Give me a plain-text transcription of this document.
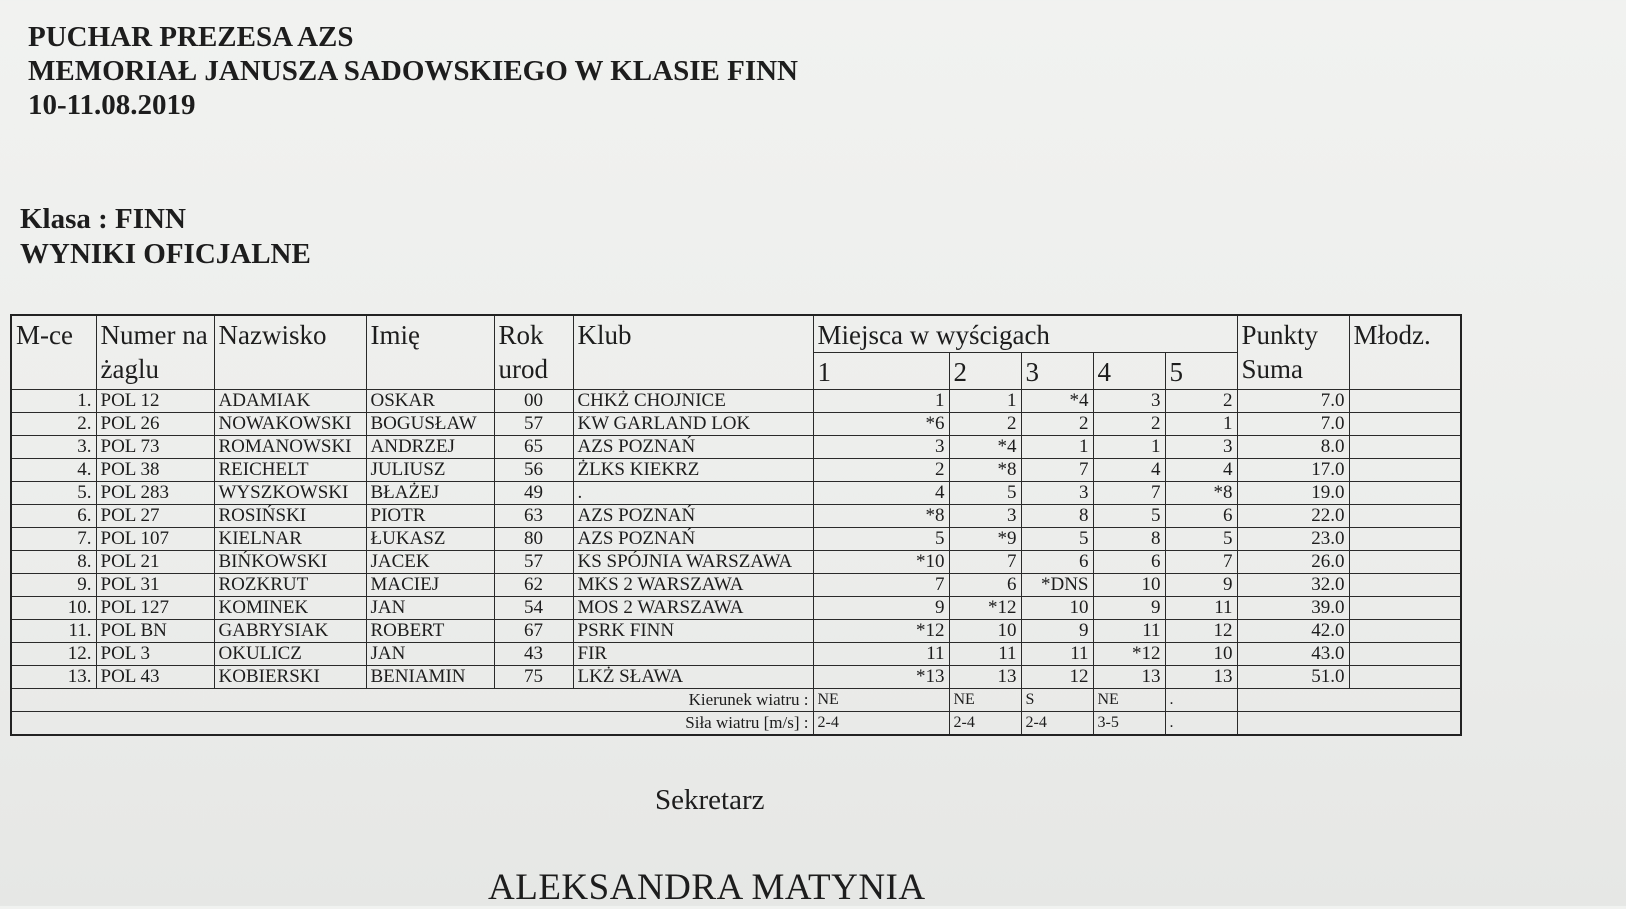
PUCHAR PREZESA AZS
MEMORIAŁ JANUSZA SADOWSKIEGO W KLASIE FINN
10-11.08.2019
Klasa : FINN
WYNIKI OFICJALNE
M-ce	Numer na żaglu	Nazwisko	Imię	Rok urod	Klub	Miejsca w wyścigach					Punkty Suma	Młodz.
						1	2	3	4	5		
1.	POL 12	ADAMIAK	OSKAR	00	CHKŻ CHOJNICE	1	1	*4	3	2	7.0	
2.	POL 26	NOWAKOWSKI	BOGUSŁAW	57	KW GARLAND LOK	*6	2	2	2	1	7.0	
3.	POL 73	ROMANOWSKI	ANDRZEJ	65	AZS POZNAŃ	3	*4	1	1	3	8.0	
4.	POL 38	REICHELT	JULIUSZ	56	ŻLKS KIEKRZ	2	*8	7	4	4	17.0	
5.	POL 283	WYSZKOWSKI	BŁAŻEJ	49	.	4	5	3	7	*8	19.0	
6.	POL 27	ROSIŃSKI	PIOTR	63	AZS POZNAŃ	*8	3	8	5	6	22.0	
7.	POL 107	KIELNAR	ŁUKASZ	80	AZS POZNAŃ	5	*9	5	8	5	23.0	
8.	POL 21	BIŃKOWSKI	JACEK	57	KS SPÓJNIA WARSZAWA	*10	7	6	6	7	26.0	
9.	POL 31	ROZKRUT	MACIEJ	62	MKS 2 WARSZAWA	7	6	*DNS	10	9	32.0	
10.	POL 127	KOMINEK	JAN	54	MOS 2 WARSZAWA	9	*12	10	9	11	39.0	
11.	POL BN	GABRYSIAK	ROBERT	67	PSRK FINN	*12	10	9	11	12	42.0	
12.	POL 3	OKULICZ	JAN	43	FIR	11	11	11	*12	10	43.0	
13.	POL 43	KOBIERSKI	BENIAMIN	75	LKŻ SŁAWA	*13	13	12	13	13	51.0	
Kierunek wiatru :						NE	NE	S	NE	.		
Siła wiatru [m/s] :						2-4	2-4	2-4	3-5	.		
Sekretarz
ALEKSANDRA MATYNIA
